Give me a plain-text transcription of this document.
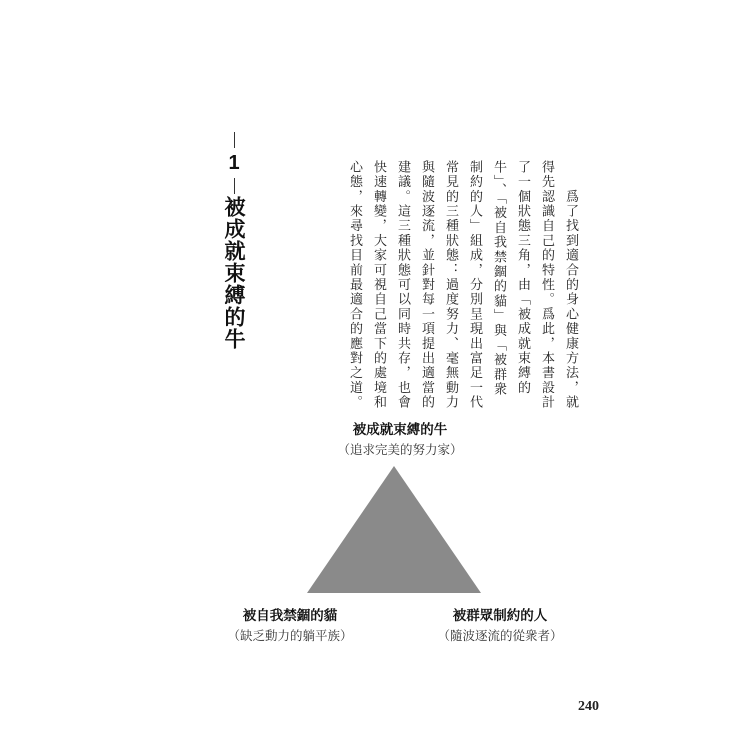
1
被成就束縛的牛	　　爲了找到適合的身心健康方法，就得先認識自己的特性。爲此，本書設計了一個狀態三角，由「被成就束縛的牛」、「被自我禁錮的貓」與「被群衆制約的人」組成，分別呈現出富足一代常見的三種狀態：過度努力、毫無動力與隨波逐流，並針對每一項提出適當的建議。這三種狀態可以同時共存，也會快速轉變，大家可視自己當下的處境和心態，來尋找目前最適合的應對之道。

被成就束縛的牛
（追求完美的努力家）
被自我禁錮的貓
（缺乏動力的躺平族）
被群眾制約的人
（隨波逐流的從衆者）
240
